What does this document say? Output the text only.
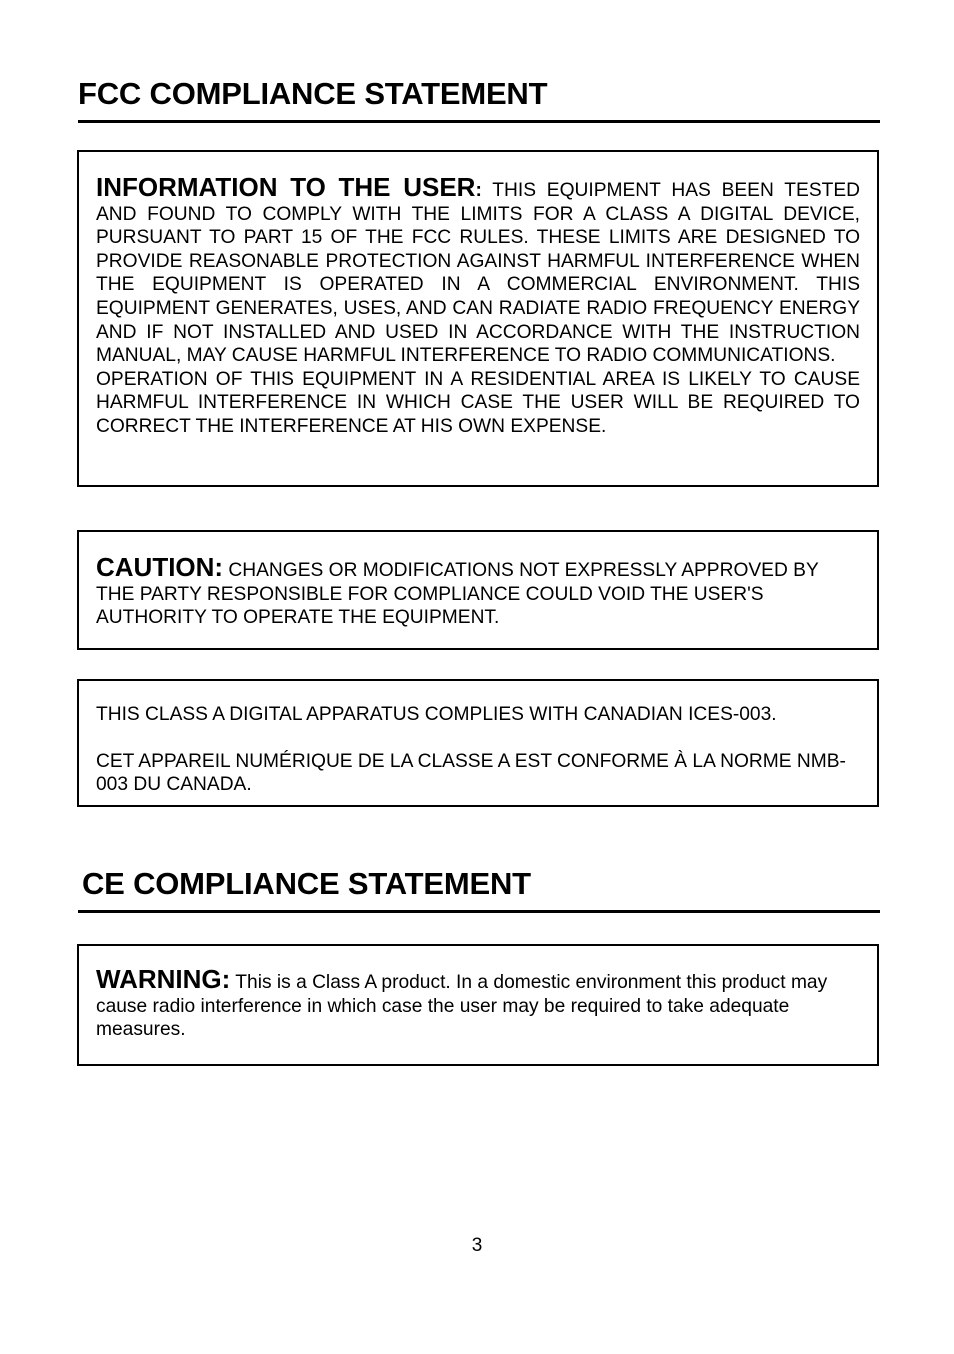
FCC COMPLIANCE STATEMENT

INFORMATION TO THE USER: THIS EQUIPMENT HAS BEEN TESTED AND FOUND TO COMPLY WITH THE LIMITS FOR A CLASS A DIGITAL DEVICE, PURSUANT TO PART 15 OF THE FCC RULES. THESE LIMITS ARE DESIGNED TO PROVIDE REASONABLE PROTECTION AGAINST HARMFUL INTERFERENCE WHEN THE EQUIPMENT IS OPERATED IN A COMMERCIAL ENVIRONMENT. THIS EQUIPMENT GENERATES, USES, AND CAN RADIATE RADIO FREQUENCY ENERGY AND IF NOT INSTALLED AND USED IN ACCORDANCE WITH THE INSTRUCTION MANUAL, MAY CAUSE HARMFUL INTERFERENCE TO RADIO COMMUNICATIONS.

OPERATION OF THIS EQUIPMENT IN A RESIDENTIAL AREA IS LIKELY TO CAUSE HARMFUL INTERFERENCE IN WHICH CASE THE USER WILL BE REQUIRED TO CORRECT THE INTERFERENCE AT HIS OWN EXPENSE.

CAUTION: CHANGES OR MODIFICATIONS NOT EXPRESSLY APPROVED BY THE PARTY RESPONSIBLE FOR COMPLIANCE COULD VOID THE USER'S AUTHORITY TO OPERATE THE EQUIPMENT.

THIS CLASS A DIGITAL APPARATUS COMPLIES WITH CANADIAN ICES-003.

CET APPAREIL NUMÉRIQUE DE LA CLASSE A EST CONFORME À LA NORME NMB-003 DU CANADA.

CE COMPLIANCE STATEMENT

WARNING: This is a Class A product. In a domestic environment this product may cause radio interference in which case the user may be required to take adequate measures.

3
